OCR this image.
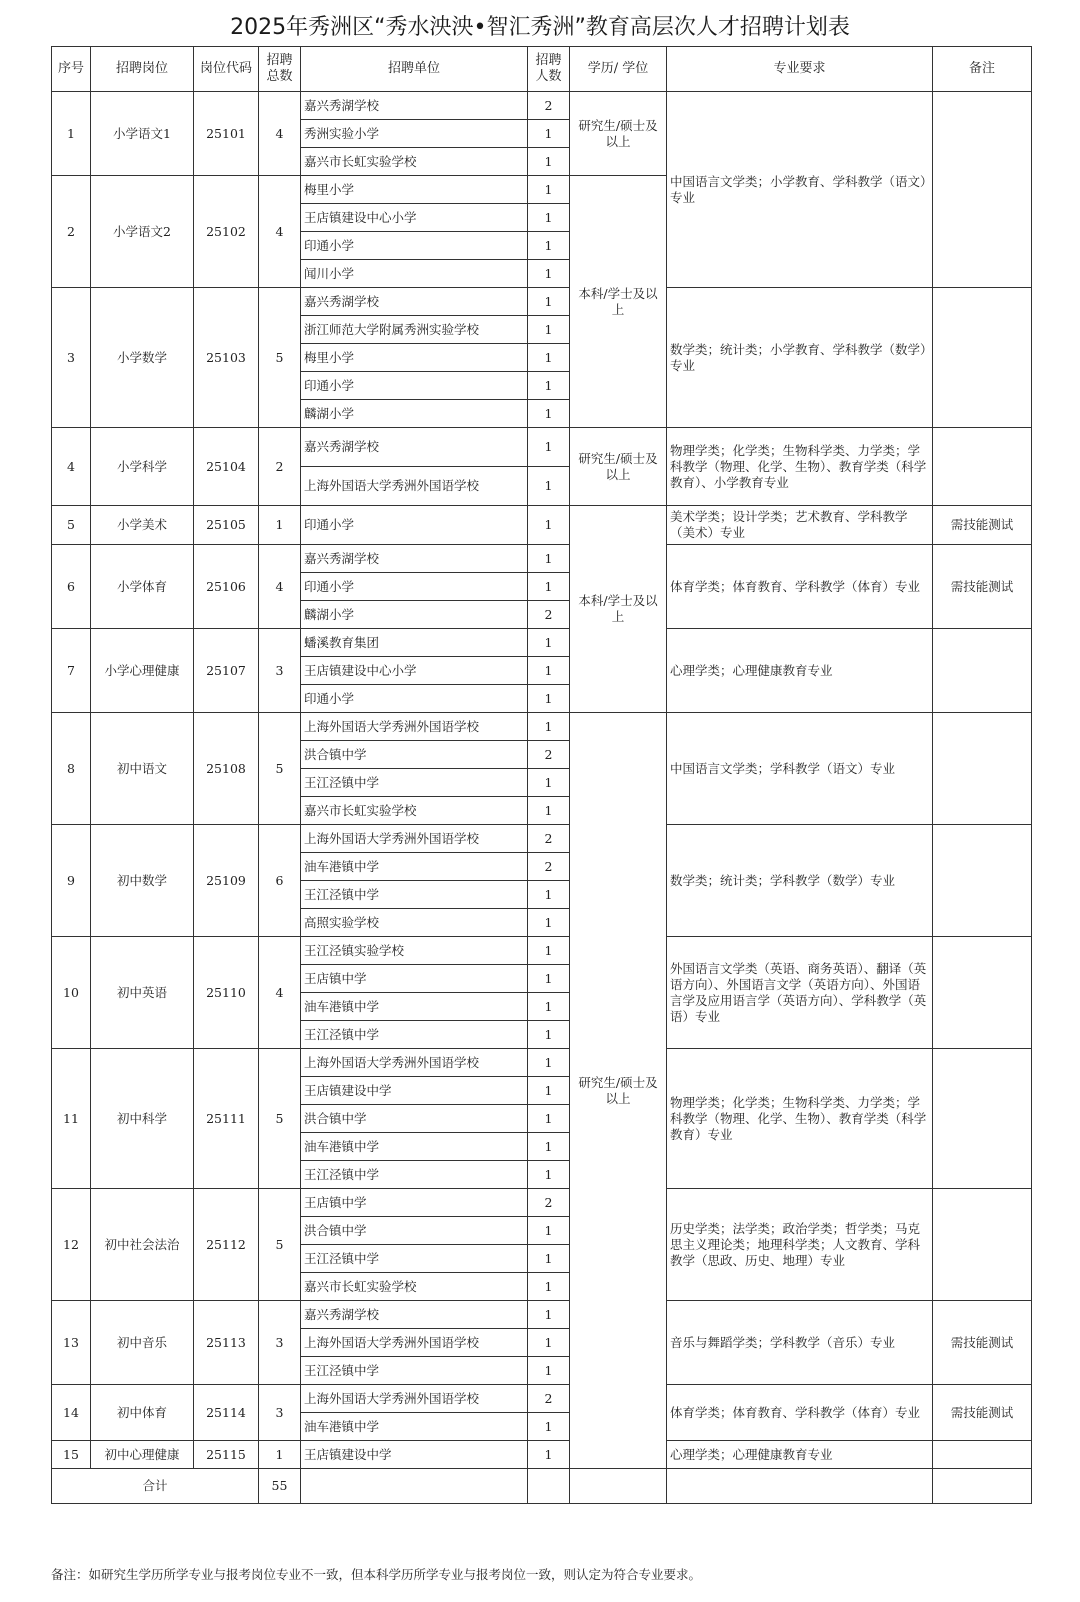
2025年秀洲区“秀水泱泱•智汇秀洲”教育高层次人才招聘计划表
序号	招聘岗位	岗位代码	招聘总数	招聘单位	招聘人数	学历/ 学位	专业要求	备注
1	小学语文1	25101	4	嘉兴秀湖学校	2	研究生/硕士及以上	中国语言文学类；小学教育、学科教学（语文）专业	
				秀洲实验小学	1			
				嘉兴市长虹实验学校	1			
2	小学语文2	25102	4	梅里小学	1	本科/学士及以上		
				王店镇建设中心小学	1			
				印通小学	1			
				闻川小学	1			
3	小学数学	25103	5	嘉兴秀湖学校	1		数学类；统计类；小学教育、学科教学（数学）专业	
				浙江师范大学附属秀洲实验学校	1			
				梅里小学	1			
				印通小学	1			
				麟湖小学	1			
4	小学科学	25104	2	嘉兴秀湖学校	1	研究生/硕士及以上	物理学类；化学类；生物科学类、力学类；学科教学（物理、化学、生物）、教育学类（科学教育）、小学教育专业	
				上海外国语大学秀洲外国语学校	1			
5	小学美术	25105	1	印通小学	1	本科/学士及以上	美术学类；设计学类；艺术教育、学科教学（美术）专业	需技能测试
6	小学体育	25106	4	嘉兴秀湖学校	1		体育学类；体育教育、学科教学（体育）专业	需技能测试
				印通小学	1			
				麟湖小学	2			
7	小学心理健康	25107	3	蟠溪教育集团	1		心理学类；心理健康教育专业	
				王店镇建设中心小学	1			
				印通小学	1			
8	初中语文	25108	5	上海外国语大学秀洲外国语学校	1	研究生/硕士及以上	中国语言文学类；学科教学（语文）专业	
				洪合镇中学	2			
				王江泾镇中学	1			
				嘉兴市长虹实验学校	1			
9	初中数学	25109	6	上海外国语大学秀洲外国语学校	2		数学类；统计类；学科教学（数学）专业	
				油车港镇中学	2			
				王江泾镇中学	1			
				高照实验学校	1			
10	初中英语	25110	4	王江泾镇实验学校	1		外国语言文学类（英语、商务英语）、翻译（英语方向）、外国语言文学（英语方向）、外国语言学及应用语言学（英语方向）、学科教学（英语）专业	
				王店镇中学	1			
				油车港镇中学	1			
				王江泾镇中学	1			
11	初中科学	25111	5	上海外国语大学秀洲外国语学校	1		物理学类；化学类；生物科学类、力学类；学科教学（物理、化学、生物）、教育学类（科学教育）专业	
				王店镇建设中学	1			
				洪合镇中学	1			
				油车港镇中学	1			
				王江泾镇中学	1			
12	初中社会法治	25112	5	王店镇中学	2		历史学类；法学类；政治学类；哲学类；马克思主义理论类；地理科学类；人文教育、学科教学（思政、历史、地理）专业	
				洪合镇中学	1			
				王江泾镇中学	1			
				嘉兴市长虹实验学校	1			
13	初中音乐	25113	3	嘉兴秀湖学校	1		音乐与舞蹈学类；学科教学（音乐）专业	需技能测试
				上海外国语大学秀洲外国语学校	1			
				王江泾镇中学	1			
14	初中体育	25114	3	上海外国语大学秀洲外国语学校	2		体育学类；体育教育、学科教学（体育）专业	需技能测试
				油车港镇中学	1			
15	初中心理健康	25115	1	王店镇建设中学	1		心理学类；心理健康教育专业	
合计			55					
备注：如研究生学历所学专业与报考岗位专业不一致，但本科学历所学专业与报考岗位一致，则认定为符合专业要求。
